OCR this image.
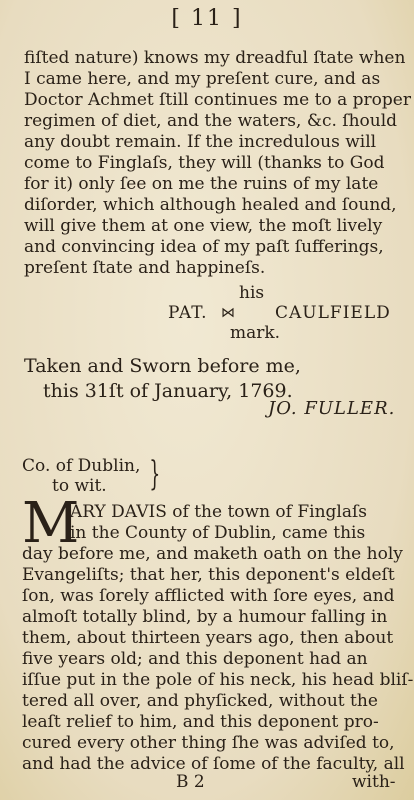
[ 11 ]
fiſted nature) knows my dreadful ſtate when
I came here, and my preſent cure, and as
Doctor Achmet ſtill continues me to a proper
regimen of diet, and the waters, &c. ſhould
any doubt remain. If the incredulous will
come to Finglaſs, they will (thanks to God
for it) only ſee on me the ruins of my late
diſorder, which although healed and ſound,
will give them at one view, the moſt lively
and convincing idea of my paſt ſufferings,
preſent ſtate and happineſs.
his
PAT. ⋈ CAULFIELD
mark.
Taken and Sworn before me,
this 31ſt of January, 1769.
JO. FULLER.
Co. of Dublin,
to wit. }
M
ARY DAVIS of the town of Finglaſs
in the County of Dublin, came this
day before me, and maketh oath on the holy
Evangeliſts; that her, this deponent's eldeſt
ſon, was ſorely afflicted with ſore eyes, and
almoſt totally blind, by a humour falling in
them, about thirteen years ago, then about
five years old; and this deponent had an
iſſue put in the pole of his neck, his head bliſ-
tered all over, and phyſicked, without the
leaſt relief to him, and this deponent pro-
cured every other thing ſhe was adviſed to,
and had the advice of ſome of the faculty, all
B 2	with-
